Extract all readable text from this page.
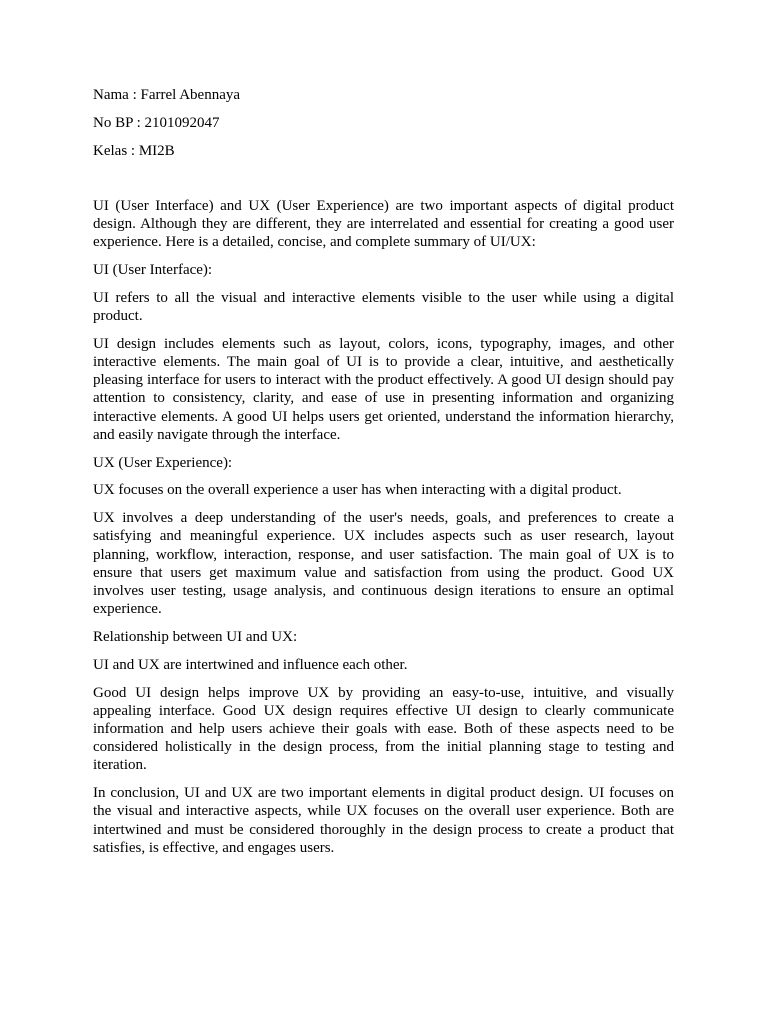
Nama : Farrel Abennaya

No BP : 2101092047

Kelas : MI2B

UI (User Interface) and UX (User Experience) are two important aspects of digital product design. Although they are different, they are interrelated and essential for creating a good user experience. Here is a detailed, concise, and complete summary of UI/UX:

UI (User Interface):

UI refers to all the visual and interactive elements visible to the user while using a digital product.

UI design includes elements such as layout, colors, icons, typography, images, and other interactive elements. The main goal of UI is to provide a clear, intuitive, and aesthetically pleasing interface for users to interact with the product effectively. A good UI design should pay attention to consistency, clarity, and ease of use in presenting information and organizing interactive elements. A good UI helps users get oriented, understand the information hierarchy, and easily navigate through the interface.

UX (User Experience):

UX focuses on the overall experience a user has when interacting with a digital product.

UX involves a deep understanding of the user's needs, goals, and preferences to create a satisfying and meaningful experience. UX includes aspects such as user research, layout planning, workflow, interaction, response, and user satisfaction. The main goal of UX is to ensure that users get maximum value and satisfaction from using the product. Good UX involves user testing, usage analysis, and continuous design iterations to ensure an optimal experience.

Relationship between UI and UX:

UI and UX are intertwined and influence each other.

Good UI design helps improve UX by providing an easy-to-use, intuitive, and visually appealing interface. Good UX design requires effective UI design to clearly communicate information and help users achieve their goals with ease. Both of these aspects need to be considered holistically in the design process, from the initial planning stage to testing and iteration.

In conclusion, UI and UX are two important elements in digital product design. UI focuses on the visual and interactive aspects, while UX focuses on the overall user experience. Both are intertwined and must be considered thoroughly in the design process to create a product that satisfies, is effective, and engages users.
